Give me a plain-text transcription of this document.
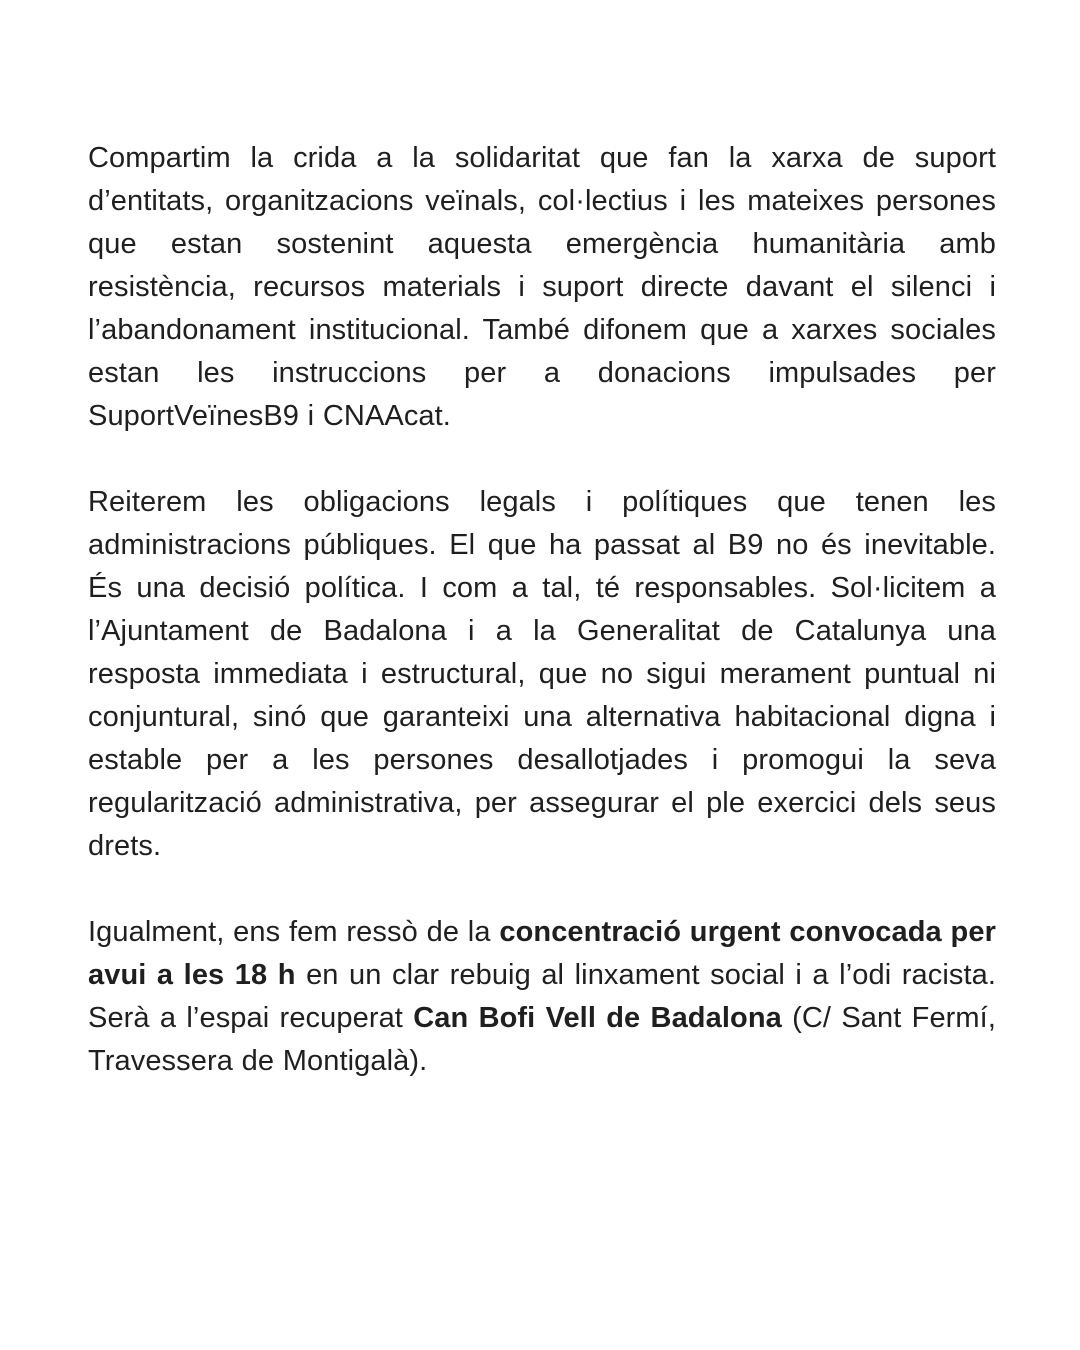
Compartim la crida a la solidaritat que fan la xarxa de suport d’entitats, organitzacions veïnals, col·lectius i les mateixes persones que estan sostenint aquesta emergència humanitària amb resistència, recursos materials i suport directe davant el silenci i l’abandonament institucional. També difonem que a xarxes sociales estan les instruccions per a donacions impulsades per SuportVeïnesB9 i CNAAcat.

Reiterem les obligacions legals i polítiques que tenen les administracions públiques. El que ha passat al B9 no és inevitable. És una decisió política. I com a tal, té responsables. Sol·licitem a l’Ajuntament de Badalona i a la Generalitat de Catalunya una resposta immediata i estructural, que no sigui merament puntual ni conjuntural, sinó que garanteixi una alternativa habitacional digna i estable per a les persones desallotjades i promogui la seva regularització administrativa, per assegurar el ple exercici dels seus drets.

Igualment, ens fem ressò de la concentració urgent convocada per avui a les 18 h en un clar rebuig al linxament social i a l’odi racista. Serà a l’espai recuperat Can Bofi Vell de Badalona (C/ Sant Fermí, Travessera de Montigalà).
